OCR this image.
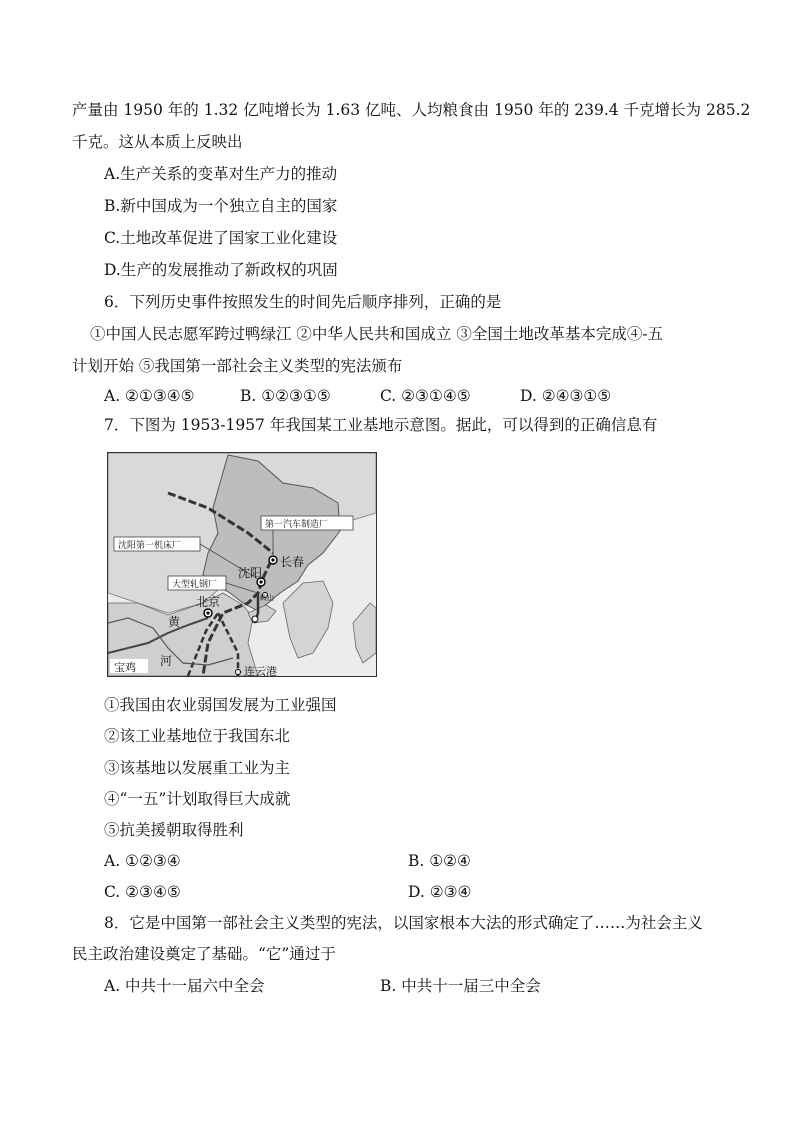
产量由 1950 年的 1.32 亿吨增长为 1.63 亿吨、人均粮食由 1950 年的 239.4 千克增长为 285.2
千克。这从本质上反映出
A.生产关系的变革对生产力的推动
B.新中国成为一个独立自主的国家
C.土地改革促进了国家工业化建设
D.生产的发展推动了新政权的巩固
6．下列历史事件按照发生的时间先后顺序排列，正确的是
①中国人民志愿军跨过鸭绿江 ②中华人民共和国成立 ③全国土地改革基本完成④-五
计划开始 ⑤我国第一部社会主义类型的宪法颁布
A. ②①③④⑤	B. ①②③①⑤	C. ②③①④⑤	D. ②④③①⑤
7．下图为 1953-1957 年我国某工业基地示意图。据此，可以得到的正确信息有
第一汽车制造厂
沈阳第一机床厂
大型轧钢厂
长春
沈阳
鞍山
北京
黄
河
宝鸡	连云港
①我国由农业弱国发展为工业强国
②该工业基地位于我国东北
③该基地以发展重工业为主
④“一五”计划取得巨大成就
⑤抗美援朝取得胜利
A. ①②③④	B. ①②④
C. ②③④⑤	D. ②③④
8．它是中国第一部社会主义类型的宪法，以国家根本大法的形式确定了……为社会主义
民主政治建设奠定了基础。“它”通过于
A. 中共十一届六中全会	B. 中共十一届三中全会
